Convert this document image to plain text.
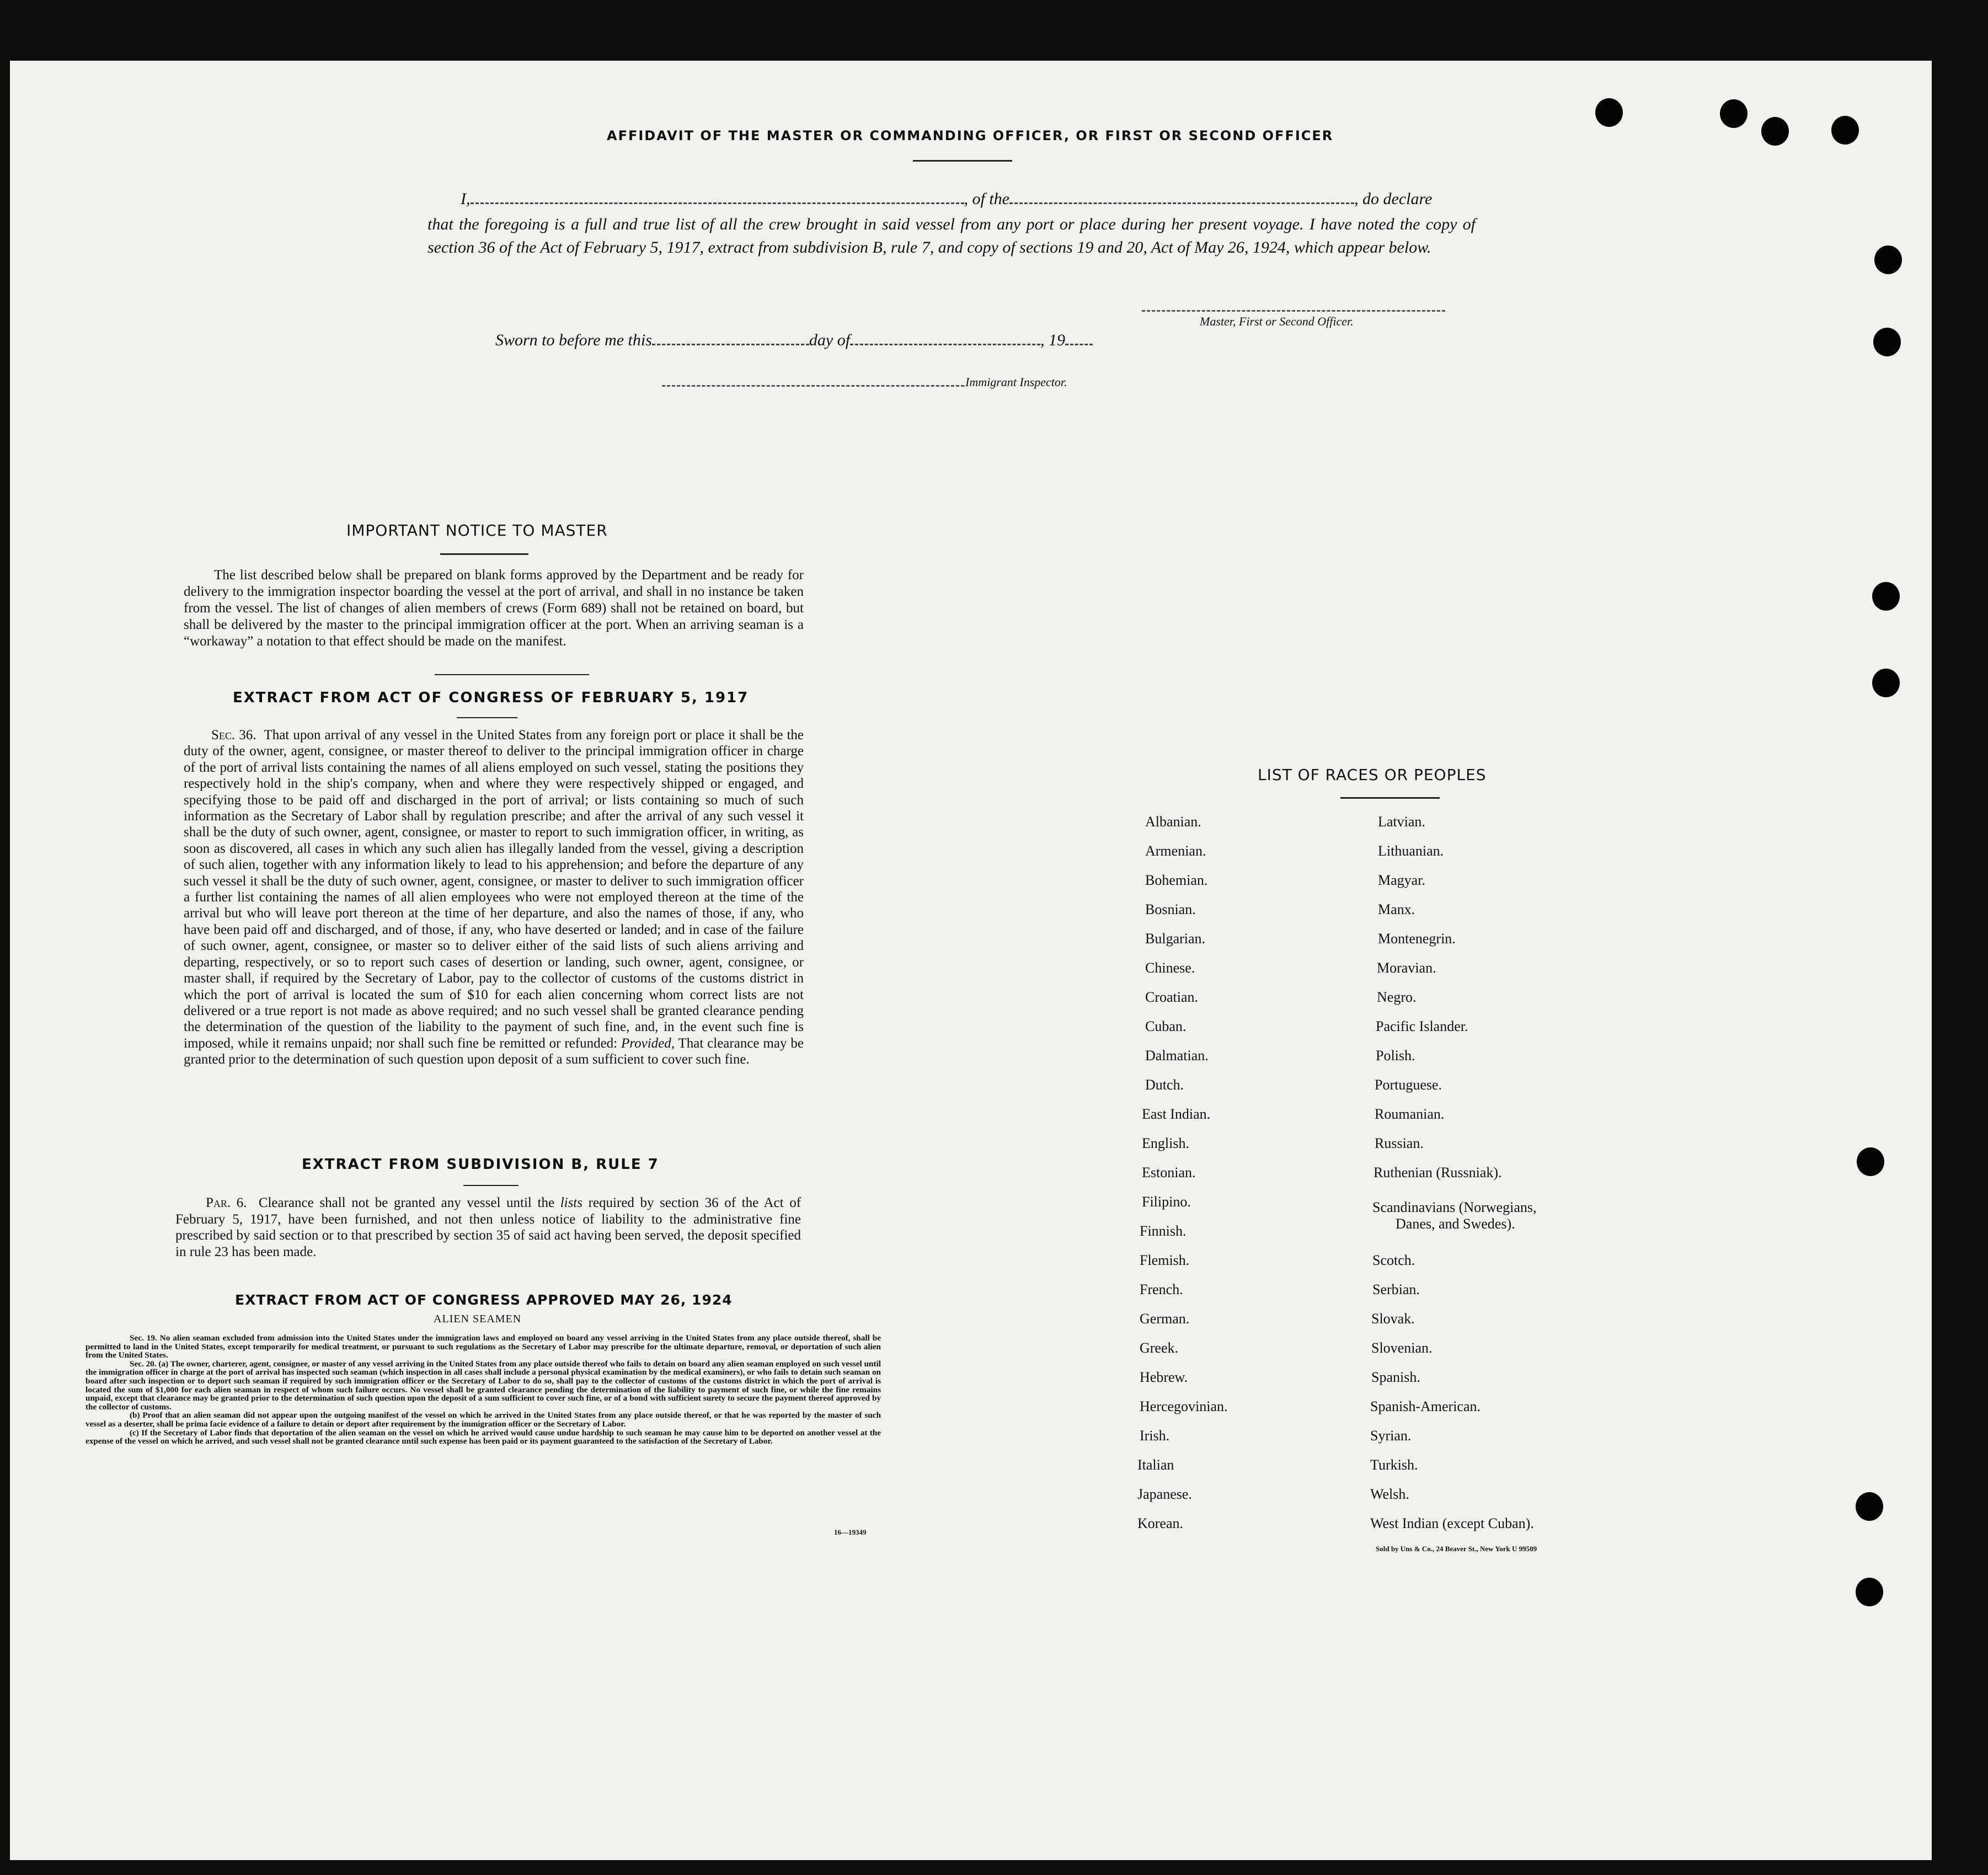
AFFIDAVIT OF THE MASTER OR COMMANDING OFFICER, OR FIRST OR SECOND OFFICER
I,	, of the	, do declare
that the foregoing is a full and true list of all the crew brought in said vessel from any port or place during her present voyage. I have noted the copy of section 36 of the Act of February 5, 1917, extract from subdivision B, rule 7, and copy of sections 19 and 20, Act of May 26, 1924, which appear below.
Master, First or Second Officer.
Sworn to before me this	day of	, 19
Immigrant Inspector.
IMPORTANT NOTICE TO MASTER
The list described below shall be prepared on blank forms approved by the Department and be ready for delivery to the immigration inspector boarding the vessel at the port of arrival, and shall in no instance be taken from the vessel. The list of changes of alien members of crews (Form 689) shall not be retained on board, but shall be delivered by the master to the principal immigration officer at the port. When an arriving seaman is a “workaway” a notation to that effect should be made on the manifest.
EXTRACT FROM ACT OF CONGRESS OF FEBRUARY 5, 1917
Sec. 36. That upon arrival of any vessel in the United States from any foreign port or place it shall be the duty of the owner, agent, consignee, or master thereof to deliver to the principal immigration officer in charge of the port of arrival lists containing the names of all aliens employed on such vessel, stating the positions they respectively hold in the ship's company, when and where they were respectively shipped or engaged, and specifying those to be paid off and discharged in the port of arrival; or lists containing so much of such information as the Secretary of Labor shall by regulation prescribe; and after the arrival of any such vessel it shall be the duty of such owner, agent, consignee, or master to report to such immigration officer, in writing, as soon as discovered, all cases in which any such alien has illegally landed from the vessel, giving a description of such alien, together with any information likely to lead to his apprehension; and before the departure of any such vessel it shall be the duty of such owner, agent, consignee, or master to deliver to such immigration officer a further list containing the names of all alien employees who were not employed thereon at the time of the arrival but who will leave port thereon at the time of her departure, and also the names of those, if any, who have been paid off and discharged, and of those, if any, who have deserted or landed; and in case of the failure of such owner, agent, consignee, or master so to deliver either of the said lists of such aliens arriving and departing, respectively, or so to report such cases of desertion or landing, such owner, agent, consignee, or master shall, if required by the Secretary of Labor, pay to the collector of customs of the customs district in which the port of arrival is located the sum of $10 for each alien concerning whom correct lists are not delivered or a true report is not made as above required; and no such vessel shall be granted clearance pending the determination of the question of the liability to the payment of such fine, and, in the event such fine is imposed, while it remains unpaid; nor shall such fine be remitted or refunded: Provided, That clearance may be granted prior to the determination of such question upon deposit of a sum sufficient to cover such fine.
EXTRACT FROM SUBDIVISION B, RULE 7
Par. 6. Clearance shall not be granted any vessel until the lists required by section 36 of the Act of February 5, 1917, have been furnished, and not then unless notice of liability to the administrative fine prescribed by said section or to that prescribed by section 35 of said act having been served, the deposit specified in rule 23 has been made.
EXTRACT FROM ACT OF CONGRESS APPROVED MAY 26, 1924
ALIEN SEAMEN
Sec. 19. No alien seaman excluded from admission into the United States under the immigration laws and employed on board any vessel arriving in the United States from any place outside thereof, shall be permitted to land in the United States, except temporarily for medical treatment, or pursuant to such regulations as the Secretary of Labor may prescribe for the ultimate departure, removal, or deportation of such alien from the United States.
Sec. 20. (a) The owner, charterer, agent, consignee, or master of any vessel arriving in the United States from any place outside thereof who fails to detain on board any alien seaman employed on such vessel until the immigration officer in charge at the port of arrival has inspected such seaman (which inspection in all cases shall include a personal physical examination by the medical examiners), or who fails to detain such seaman on board after such inspection or to deport such seaman if required by such immigration officer or the Secretary of Labor to do so, shall pay to the collector of customs of the customs district in which the port of arrival is located the sum of $1,000 for each alien seaman in respect of whom such failure occurs. No vessel shall be granted clearance pending the determination of the liability to payment of such fine, or while the fine remains unpaid, except that clearance may be granted prior to the determination of such question upon the deposit of a sum sufficient to cover such fine, or of a bond with sufficient surety to secure the payment thereof approved by the collector of customs.
(b) Proof that an alien seaman did not appear upon the outgoing manifest of the vessel on which he arrived in the United States from any place outside thereof, or that he was reported by the master of such vessel as a deserter, shall be prima facie evidence of a failure to detain or deport after requirement by the immigration officer or the Secretary of Labor.
(c) If the Secretary of Labor finds that deportation of the alien seaman on the vessel on which he arrived would cause undue hardship to such seaman he may cause him to be deported on another vessel at the expense of the vessel on which he arrived, and such vessel shall not be granted clearance until such expense has been paid or its payment guaranteed to the satisfaction of the Secretary of Labor.
16—19349
LIST OF RACES OR PEOPLES
Albanian.
Armenian.
Bohemian.
Bosnian.
Bulgarian.
Chinese.
Croatian.
Cuban.
Dalmatian.
Dutch.
East Indian.
English.
Estonian.
Filipino.
Finnish.
Flemish.
French.
German.
Greek.
Hebrew.
Hercegovinian.
Irish.
Italian
Japanese.
Korean.
Latvian.
Lithuanian.
Magyar.
Manx.
Montenegrin.
Moravian.
Negro.
Pacific Islander.
Polish.
Portuguese.
Roumanian.
Russian.
Ruthenian (Russniak).
Scandinavians (Norwegians,
Danes, and Swedes).
Scotch.
Serbian.
Slovak.
Slovenian.
Spanish.
Spanish-American.
Syrian.
Turkish.
Welsh.
West Indian (except Cuban).
Sold by Uns & Co., 24 Beaver St., New York U 99509
